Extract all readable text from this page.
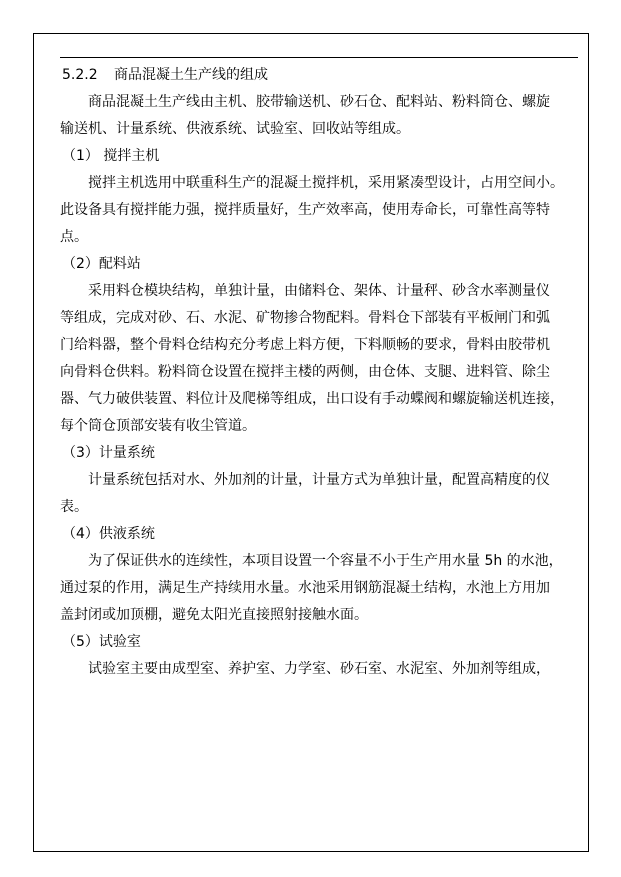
5.2.2 商品混凝土生产线的组成
商品混凝土生产线由主机、胶带输送机、砂石仓、配料站、粉料筒仓、螺旋
输送机、计量系统、供液系统、试验室、回收站等组成。
（1） 搅拌主机
搅拌主机选用中联重科生产的混凝土搅拌机，采用紧凑型设计，占用空间小。
此设备具有搅拌能力强，搅拌质量好，生产效率高，使用寿命长，可靠性高等特
点。
（2）配料站
采用料仓模块结构，单独计量，由储料仓、架体、计量秤、砂含水率测量仪
等组成，完成对砂、石、水泥、矿物掺合物配料。骨料仓下部装有平板闸门和弧
门给料器，整个骨料仓结构充分考虑上料方便，下料顺畅的要求，骨料由胶带机
向骨料仓供料。粉料筒仓设置在搅拌主楼的两侧，由仓体、支腿、进料管、除尘
器、气力破供装置、料位计及爬梯等组成，出口设有手动蝶阀和螺旋输送机连接，
每个筒仓顶部安装有收尘管道。
（3）计量系统
计量系统包括对水、外加剂的计量，计量方式为单独计量，配置高精度的仪
表。
（4）供液系统
为了保证供水的连续性，本项目设置一个容量不小于生产用水量 5h 的水池，
通过泵的作用，满足生产持续用水量。水池采用钢筋混凝土结构，水池上方用加
盖封闭或加顶棚，避免太阳光直接照射接触水面。
（5）试验室
试验室主要由成型室、养护室、力学室、砂石室、水泥室、外加剂等组成，
